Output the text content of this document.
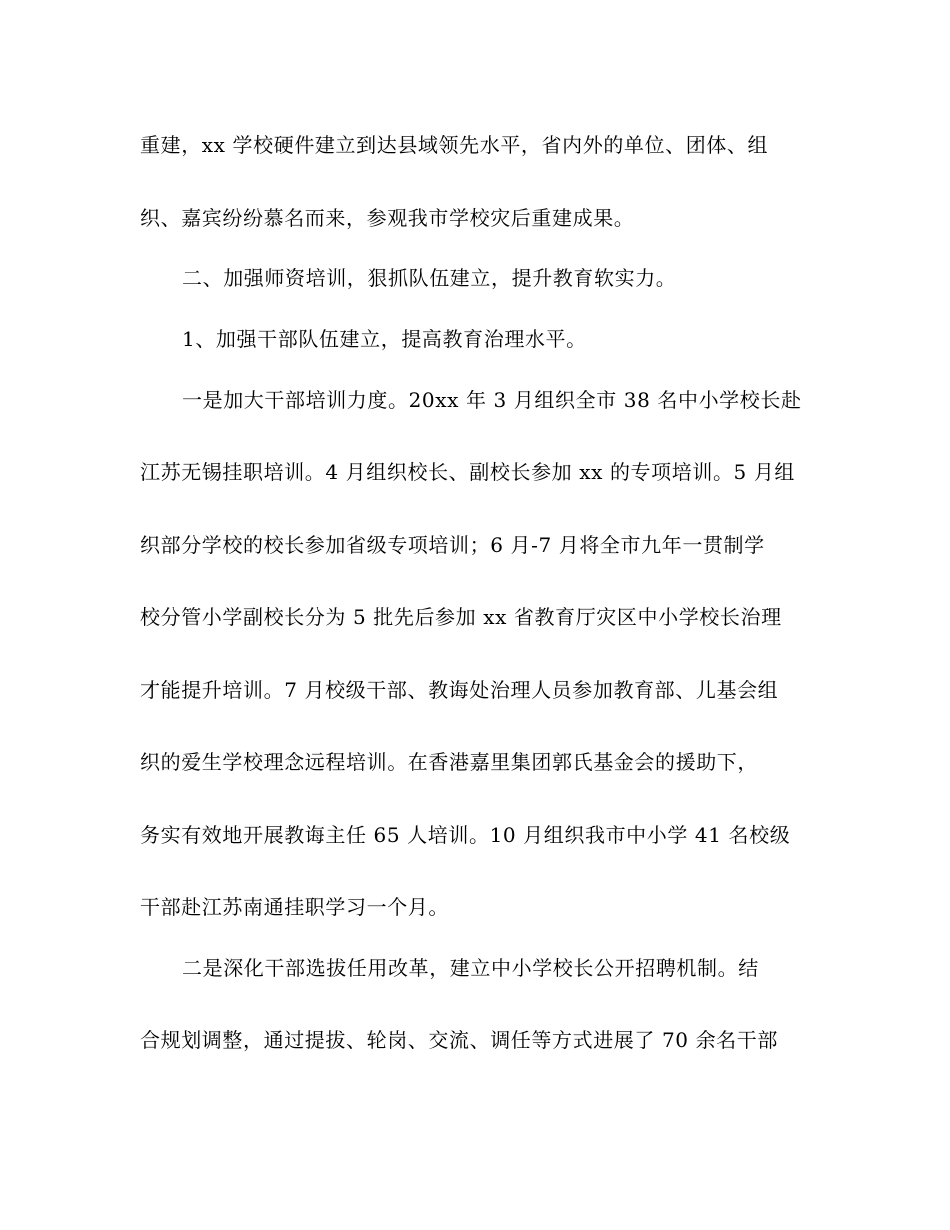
重建，xx 学校硬件建立到达县域领先水平，省内外的单位、团体、组
织、嘉宾纷纷慕名而来，参观我市学校灾后重建成果。
二、加强师资培训，狠抓队伍建立，提升教育软实力。
1、加强干部队伍建立，提高教育治理水平。
一是加大干部培训力度。20xx 年 3 月组织全市 38 名中小学校长赴
江苏无锡挂职培训。4 月组织校长、副校长参加 xx 的专项培训。5 月组
织部分学校的校长参加省级专项培训；6 月-7 月将全市九年一贯制学
校分管小学副校长分为 5 批先后参加 xx 省教育厅灾区中小学校长治理
才能提升培训。7 月校级干部、教诲处治理人员参加教育部、儿基会组
织的爱生学校理念远程培训。在香港嘉里集团郭氏基金会的援助下，
务实有效地开展教诲主任 65 人培训。10 月组织我市中小学 41 名校级
干部赴江苏南通挂职学习一个月。
二是深化干部选拔任用改革，建立中小学校长公开招聘机制。结
合规划调整，通过提拔、轮岗、交流、调任等方式进展了 70 余名干部
